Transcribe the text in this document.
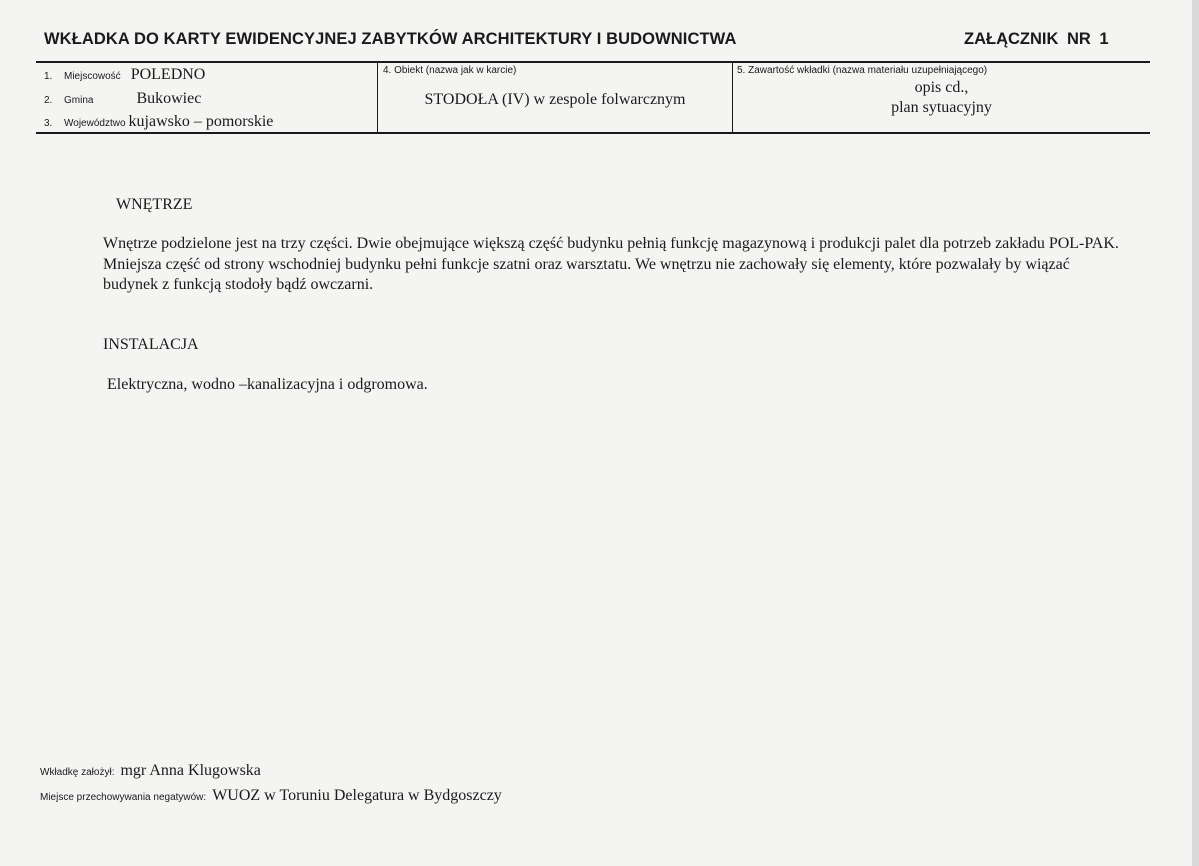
WKŁADKA DO KARTY EWIDENCYJNEJ ZABYTKÓW ARCHITEKTURY I BUDOWNICTWA	ZAŁĄCZNIK NR 1
1. Miejscowość POLEDNO
2. Gmina	Bukowiec
3. Województwo kujawsko – pomorskie
4. Obiekt (nazwa jak w karcie)
STODOŁA (IV) w zespole folwarcznym
5. Zawartość wkładki (nazwa materiału uzupełniającego)
opis cd.,
plan sytuacyjny
WNĘTRZE
Wnętrze podzielone jest na trzy części. Dwie obejmujące większą część budynku pełnią funkcję magazynową i produkcji palet dla potrzeb zakładu POL-PAK. Mniejsza część od strony wschodniej budynku pełni funkcje szatni oraz warsztatu. We wnętrzu nie zachowały się elementy, które pozwalały by wiązać budynek z funkcją stodoły bądź owczarni.
INSTALACJA
Elektryczna, wodno –kanalizacyjna i odgromowa.
Wkładkę założył: mgr Anna Klugowska
Miejsce przechowywania negatywów: WUOZ w Toruniu Delegatura w Bydgoszczy
